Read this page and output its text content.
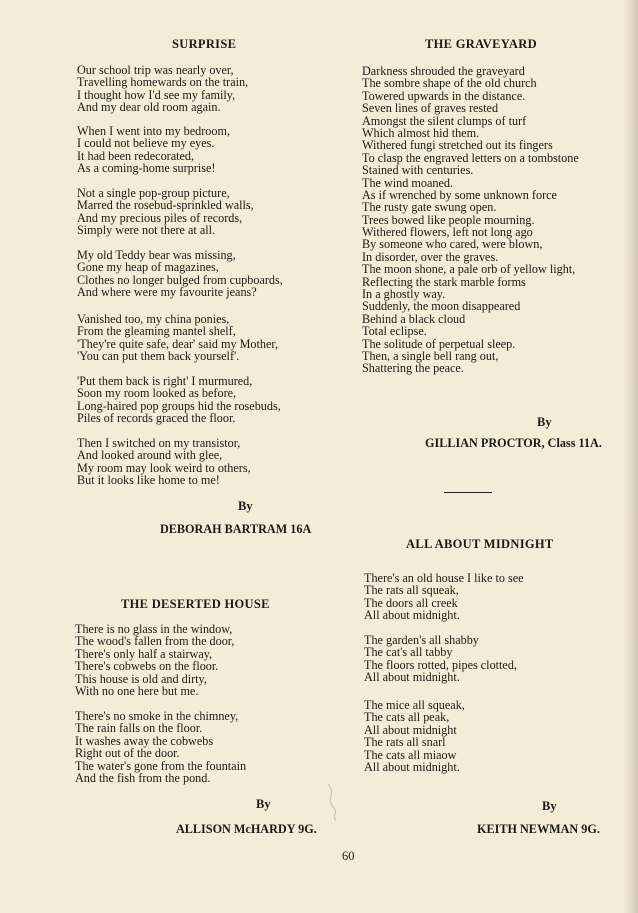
SURPRISE
Our school trip was nearly over,
Travelling homewards on the train,
I thought how I'd see my family,
And my dear old room again.
When I went into my bedroom,
I could not believe my eyes.
It had been redecorated,
As a coming-home surprise!
Not a single pop-group picture,
Marred the rosebud-sprinkled walls,
And my precious piles of records,
Simply were not there at all.
My old Teddy bear was missing,
Gone my heap of magazines,
Clothes no longer bulged from cupboards,
And where were my favourite jeans?
Vanished too, my china ponies,
From the gleaming mantel shelf,
'They're quite safe, dear' said my Mother,
'You can put them back yourself'.
'Put them back is right' I murmured,
Soon my room looked as before,
Long-haired pop groups hid the rosebuds,
Piles of records graced the floor.
Then I switched on my transistor,
And looked around with glee,
My room may look weird to others,
But it looks like home to me!
By
DEBORAH BARTRAM 16A
THE DESERTED HOUSE
There is no glass in the window,
The wood's fallen from the door,
There's only half a stairway,
There's cobwebs on the floor.
This house is old and dirty,
With no one here but me.
There's no smoke in the chimney,
The rain falls on the floor.
It washes away the cobwebs
Right out of the door.
The water's gone from the fountain
And the fish from the pond.
By
ALLISON McHARDY 9G.
THE GRAVEYARD
Darkness shrouded the graveyard
The sombre shape of the old church
Towered upwards in the distance.
Seven lines of graves rested
Amongst the silent clumps of turf
Which almost hid them.
Withered fungi stretched out its fingers
To clasp the engraved letters on a tombstone
Stained with centuries.
The wind moaned.
As if wrenched by some unknown force
The rusty gate swung open.
Trees bowed like people mourning.
Withered flowers, left not long ago
By someone who cared, were blown,
In disorder, over the graves.
The moon shone, a pale orb of yellow light,
Reflecting the stark marble forms
In a ghostly way.
Suddenly, the moon disappeared
Behind a black cloud
Total eclipse.
The solitude of perpetual sleep.
Then, a single bell rang out,
Shattering the peace.
By
GILLIAN PROCTOR, Class 11A.
ALL ABOUT MIDNIGHT
There's an old house I like to see
The rats all squeak,
The doors all creek
All about midnight.
The garden's all shabby
The cat's all tabby
The floors rotted, pipes clotted,
All about midnight.
The mice all squeak,
The cats all peak,
All about midnight
The rats all snarl
The cats all miaow
All about midnight.
By
KEITH NEWMAN 9G.
60
